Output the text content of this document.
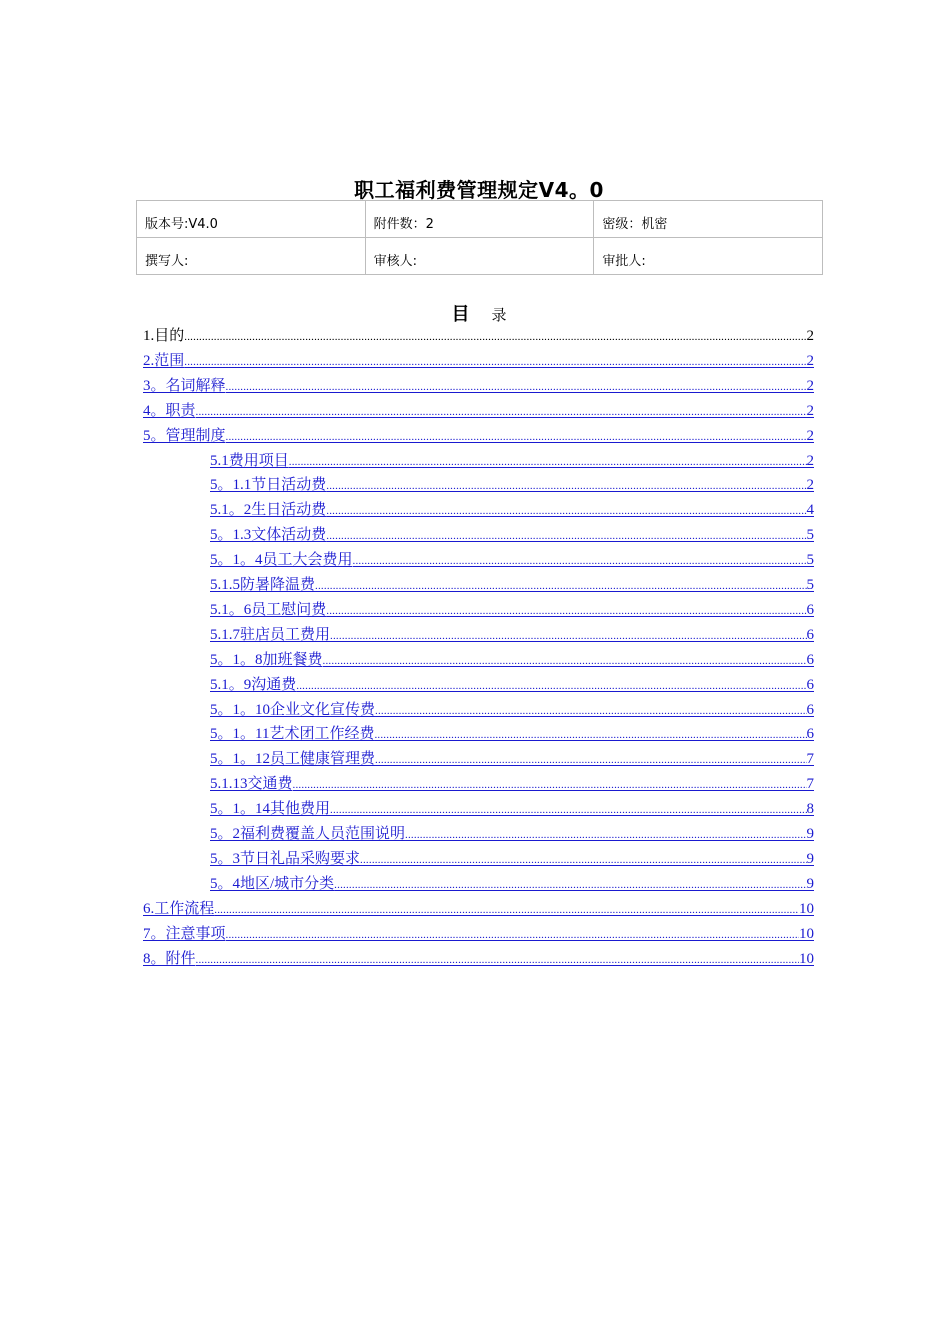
职工福利费管理规定V4。0
版本号:V4.0	附件数：2	密级：机密
撰写人:	审核人:	审批人:
目 录
1.目的 .....	2
2.范围 .....	2
3。名词解释 .....	2
4。职责 .....	2
5。管理制度 .....	2
5.1费用项目 .....	2
5。1.1节日活动费 .....	2
5.1。2生日活动费 .....	4
5。1.3文体活动费 .....	5
5。1。4员工大会费用 .....	5
5.1.5防暑降温费 .....	5
5.1。6员工慰问费 .....	6
5.1.7驻店员工费用 .....	6
5。1。8加班餐费 .....	6
5.1。9沟通费 .....	6
5。1。10企业文化宣传费 .....	6
5。1。11艺术团工作经费 .....	6
5。1。12员工健康管理费 .....	7
5.1.13交通费 .....	7
5。1。14其他费用 .....	8
5。2福利费覆盖人员范围说明 .....	9
5。3节日礼品采购要求 .....	9
5。4地区/城市分类 .....	9
6.工作流程 .....	10
7。注意事项 .....	10
8。附件 .....	10
